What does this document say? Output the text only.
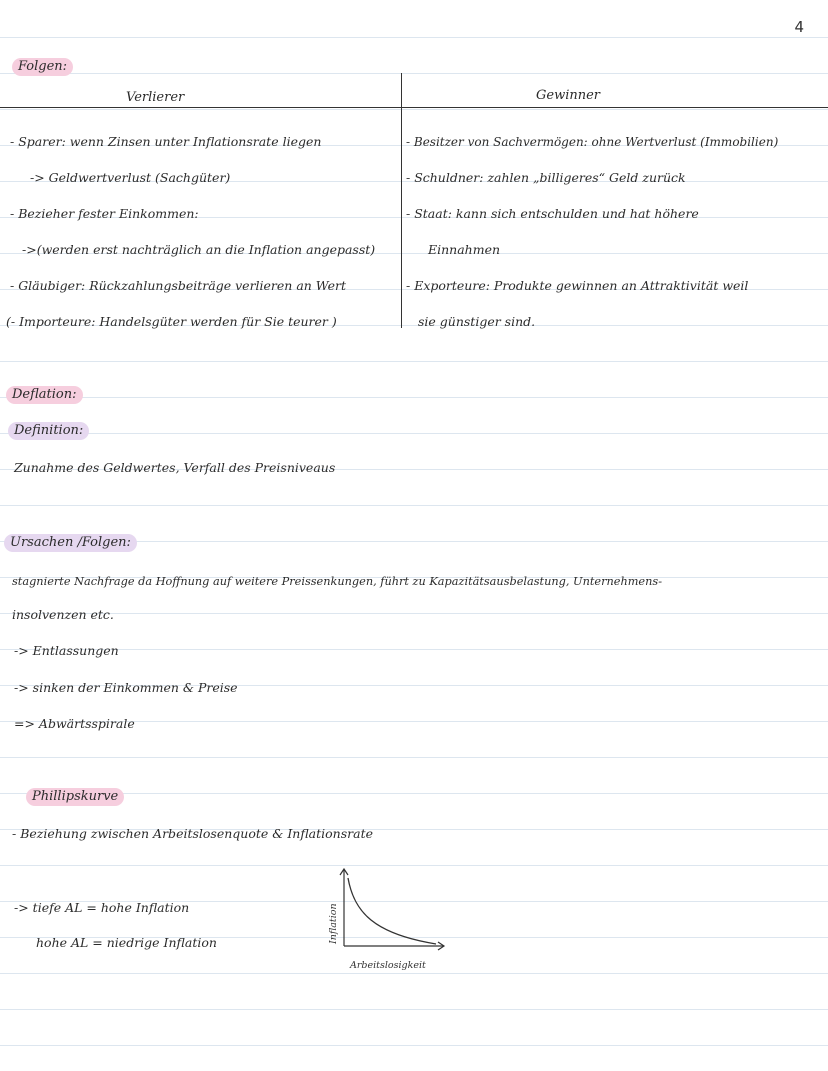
4
Folgen:
Verlierer	Gewinner
- Sparer: wenn Zinsen unter Inflationsrate liegen
-> Geldwertverlust (Sachgüter)
- Bezieher fester Einkommen:
->(werden erst nachträglich an die Inflation angepasst)
- Gläubiger: Rückzahlungsbeiträge verlieren an Wert
(- Importeure: Handelsgüter werden für Sie teurer )
- Besitzer von Sachvermögen: ohne Wertverlust (Immobilien)
- Schuldner: zahlen „billigeres“ Geld zurück
- Staat: kann sich entschulden und hat höhere
Einnahmen
- Exporteure: Produkte gewinnen an Attraktivität weil
sie günstiger sind.
Deflation:
Definition:
Zunahme des Geldwertes, Verfall des Preisniveaus
Ursachen /Folgen:
stagnierte Nachfrage da Hoffnung auf weitere Preissenkungen, führt zu Kapazitätsausbelastung, Unternehmens-
insolvenzen etc.
-> Entlassungen
-> sinken der Einkommen & Preise
=> Abwärtsspirale
Phillipskurve
- Beziehung zwischen Arbeitslosenquote & Inflationsrate
-> tiefe AL = hohe Inflation
hohe AL = niedrige Inflation	Inflation
Arbeitslosigkeit
